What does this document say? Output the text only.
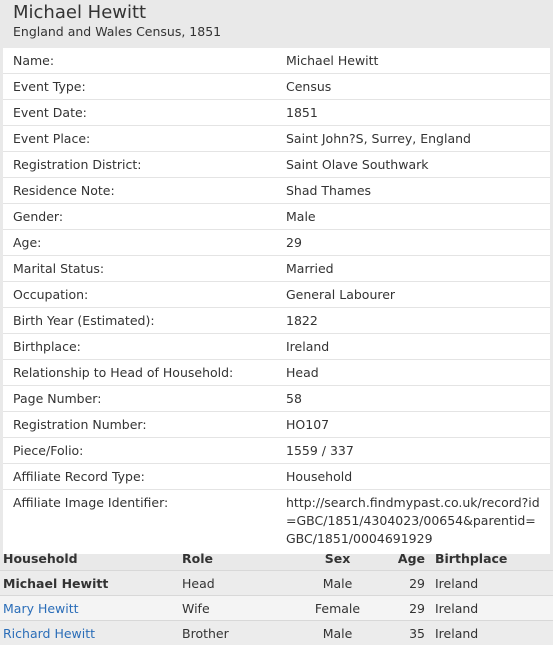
Michael Hewitt
England and Wales Census, 1851
Name:	Michael Hewitt
Event Type:	Census
Event Date:	1851
Event Place:	Saint John?S, Surrey, England
Registration District:	Saint Olave Southwark
Residence Note:	Shad Thames
Gender:	Male
Age:	29
Marital Status:	Married
Occupation:	General Labourer
Birth Year (Estimated):	1822
Birthplace:	Ireland
Relationship to Head of Household:	Head
Page Number:	58
Registration Number:	HO107
Piece/Folio:	1559 / 337
Affiliate Record Type:	Household
Affiliate Image Identifier:	http://search.findmypast.co.uk/record?id=GBC/1851/4304023/00654&parentid=GBC/1851/0004691929
Household	Role	Sex	Age	Birthplace
Michael Hewitt	Head	Male	29	Ireland
Mary Hewitt	Wife	Female	29	Ireland
Richard Hewitt	Brother	Male	35	Ireland
